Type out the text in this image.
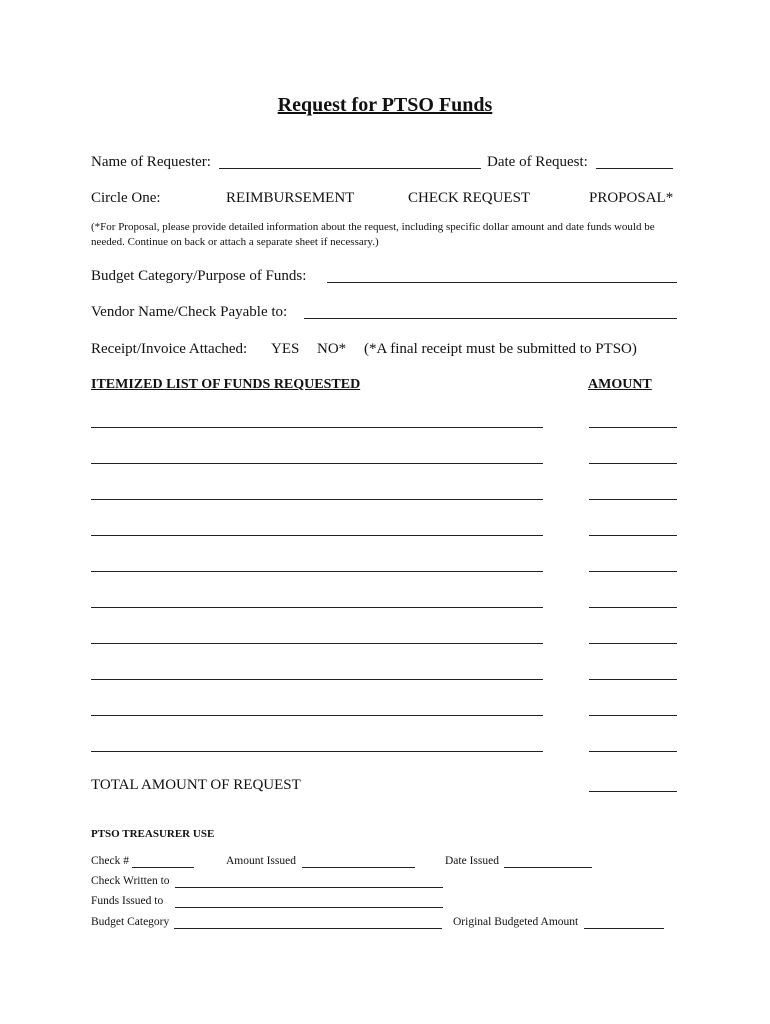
Request for PTSO Funds
Name of Requester:	Date of Request:
Circle One:	REIMBURSEMENT	CHECK REQUEST	PROPOSAL*
(*For Proposal, please provide detailed information about the request, including specific dollar amount and date funds would be needed. Continue on back or attach a separate sheet if necessary.)
Budget Category/Purpose of Funds:
Vendor Name/Check Payable to:
Receipt/Invoice Attached: YES NO* (*A final receipt must be submitted to PTSO)
ITEMIZED LIST OF FUNDS REQUESTED	AMOUNT
TOTAL AMOUNT OF REQUEST
PTSO TREASURER USE
Check #	Amount Issued	Date Issued
Check Written to
Funds Issued to
Budget Category	Original Budgeted Amount
